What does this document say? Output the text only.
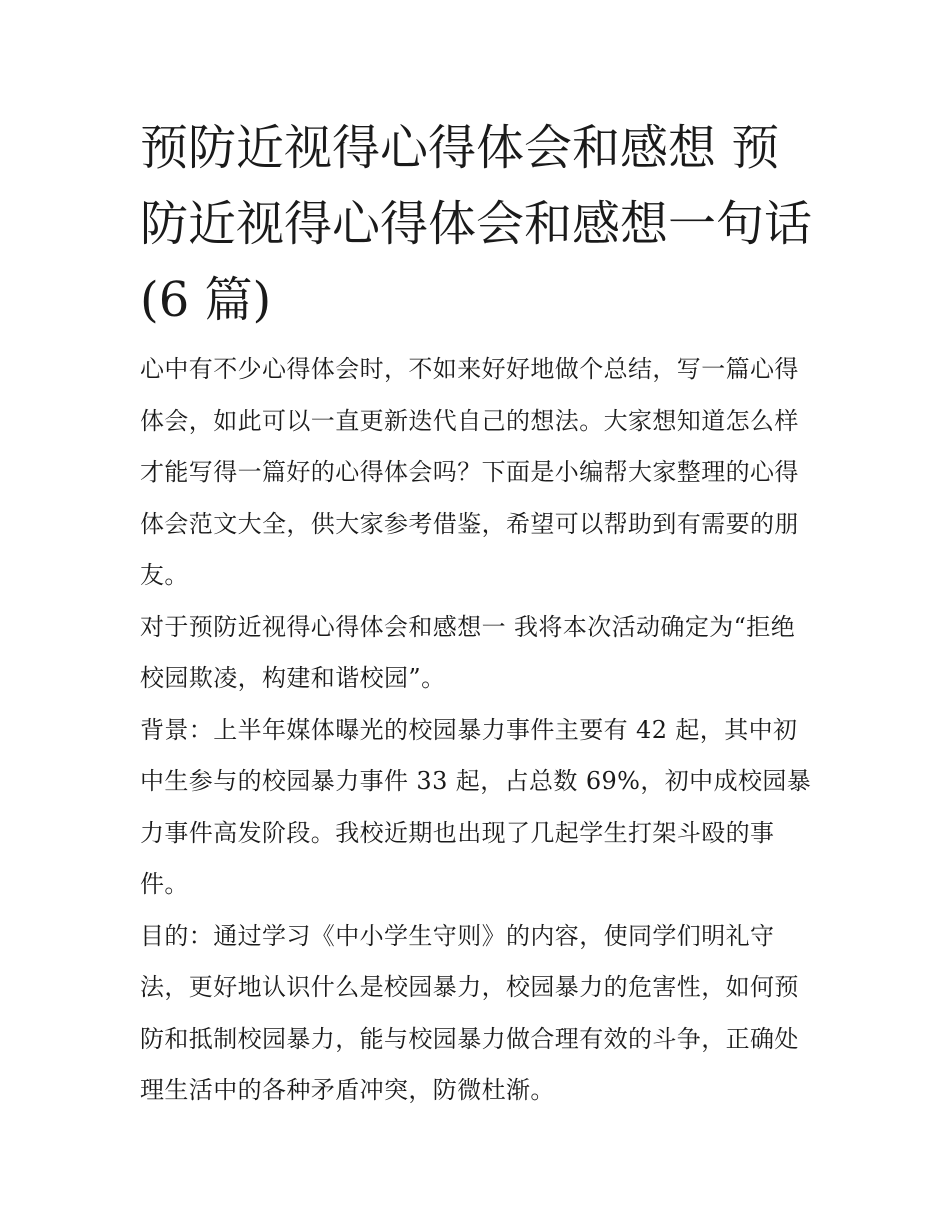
预防近视得心得体会和感想 预防近视得心得体会和感想一句话(6 篇)

心中有不少心得体会时，不如来好好地做个总结，写一篇心得体会，如此可以一直更新迭代自己的想法。大家想知道怎么样才能写得一篇好的心得体会吗？下面是小编帮大家整理的心得体会范文大全，供大家参考借鉴，希望可以帮助到有需要的朋友。

对于预防近视得心得体会和感想一 我将本次活动确定为“拒绝校园欺凌，构建和谐校园”。

背景：上半年媒体曝光的校园暴力事件主要有 42 起，其中初中生参与的校园暴力事件 33 起，占总数 69%，初中成校园暴力事件高发阶段。我校近期也出现了几起学生打架斗殴的事件。

目的：通过学习《中小学生守则》的内容，使同学们明礼守法，更好地认识什么是校园暴力，校园暴力的危害性，如何预防和抵制校园暴力，能与校园暴力做合理有效的斗争，正确处理生活中的各种矛盾冲突，防微杜渐。
